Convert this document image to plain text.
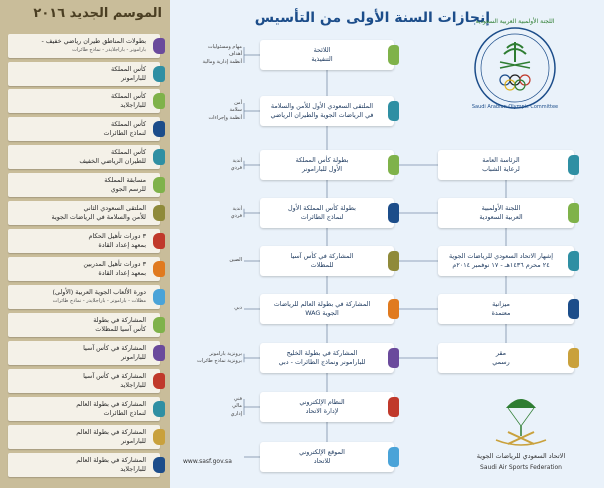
الموسم الجديد ٢٠١٦
بطولات المناطق طيران رياضي خفيف -
بارامونر - باراجلايدر - نماذج طائرات
كأس المملكة
للبارامونر
كأس المملكة
للباراجلايد
كأس المملكة
لنماذج الطائرات
كأس المملكة
للطيران الرياضي الخفيف
مسابقة المملكة
للرسم الجوي
الملتقى السعودي الثاني
للأمن والسلامة في الرياضات الجوية
٣ دورات تأهيل الحكام
بمعهد إعداد القادة
٣ دورات تأهيل المدربين
بمعهد إعداد القادة
دورة الألعاب الجوية العربية (الأولى)
مظلات - بارامونر - باراجلايدر - نماذج طائرات
المشاركة في بطولة
كأس آسيا للمظلات
المشاركة في كأس آسيا
للبارامونر
المشاركة في كأس آسيا
للباراجلايد
المشاركة في بطولة العالم
لنماذج الطائرات
المشاركة في بطولة العالم
للبارامونر
المشاركة في بطولة العالم
للباراجلايد
إنجازات السنة الأولى من التأسيس
اللجنة الأولمبية العربية السعودية
Saudi Arabian Olympic Committee
الاتحاد السعودي للرياضات الجوية
Saudi Air Sports Federation
اللائحة
التنفيذية
مهام ومسئوليات
أهداف
أنظمة إدارية ومالية
الملتقى السعودي الأول للأمن والسلامة
في الرياضات الجوية والطيران الرياضي
أمن
سلامة
أنظمة وإجراءات
بطولة كأس المملكة
الأول للبارامونر
أندية
فردي
بطولة كأس المملكة الأول
لنماذج الطائرات
أندية
فردي
المشاركة في كأس آسيا
للمظلات
الصين
المشاركة في بطولة العالم للرياضات
الجوية WAG
دبي
المشاركة في بطولة الخليج
للبارامونر ونماذج الطائرات - دبي
برونزية بارامونر
برونزية نماذج طائرات
النظام الإلكتروني
لإدارة الاتحاد
فني
مالي
إداري
الموقع الإلكتروني
للاتحاد
الرئاسة العامة
لرعاية الشباب
اللجنة الأولمبية
العربية السعودية
إشهار الاتحاد السعودي للرياضات الجوية
٢٤ محرم ١٤٣٦هـ - ١٧ نوفمبر ٢٠١٤م
ميزانية
معتمدة
مقر
رسمي
www.sasf.gov.sa
